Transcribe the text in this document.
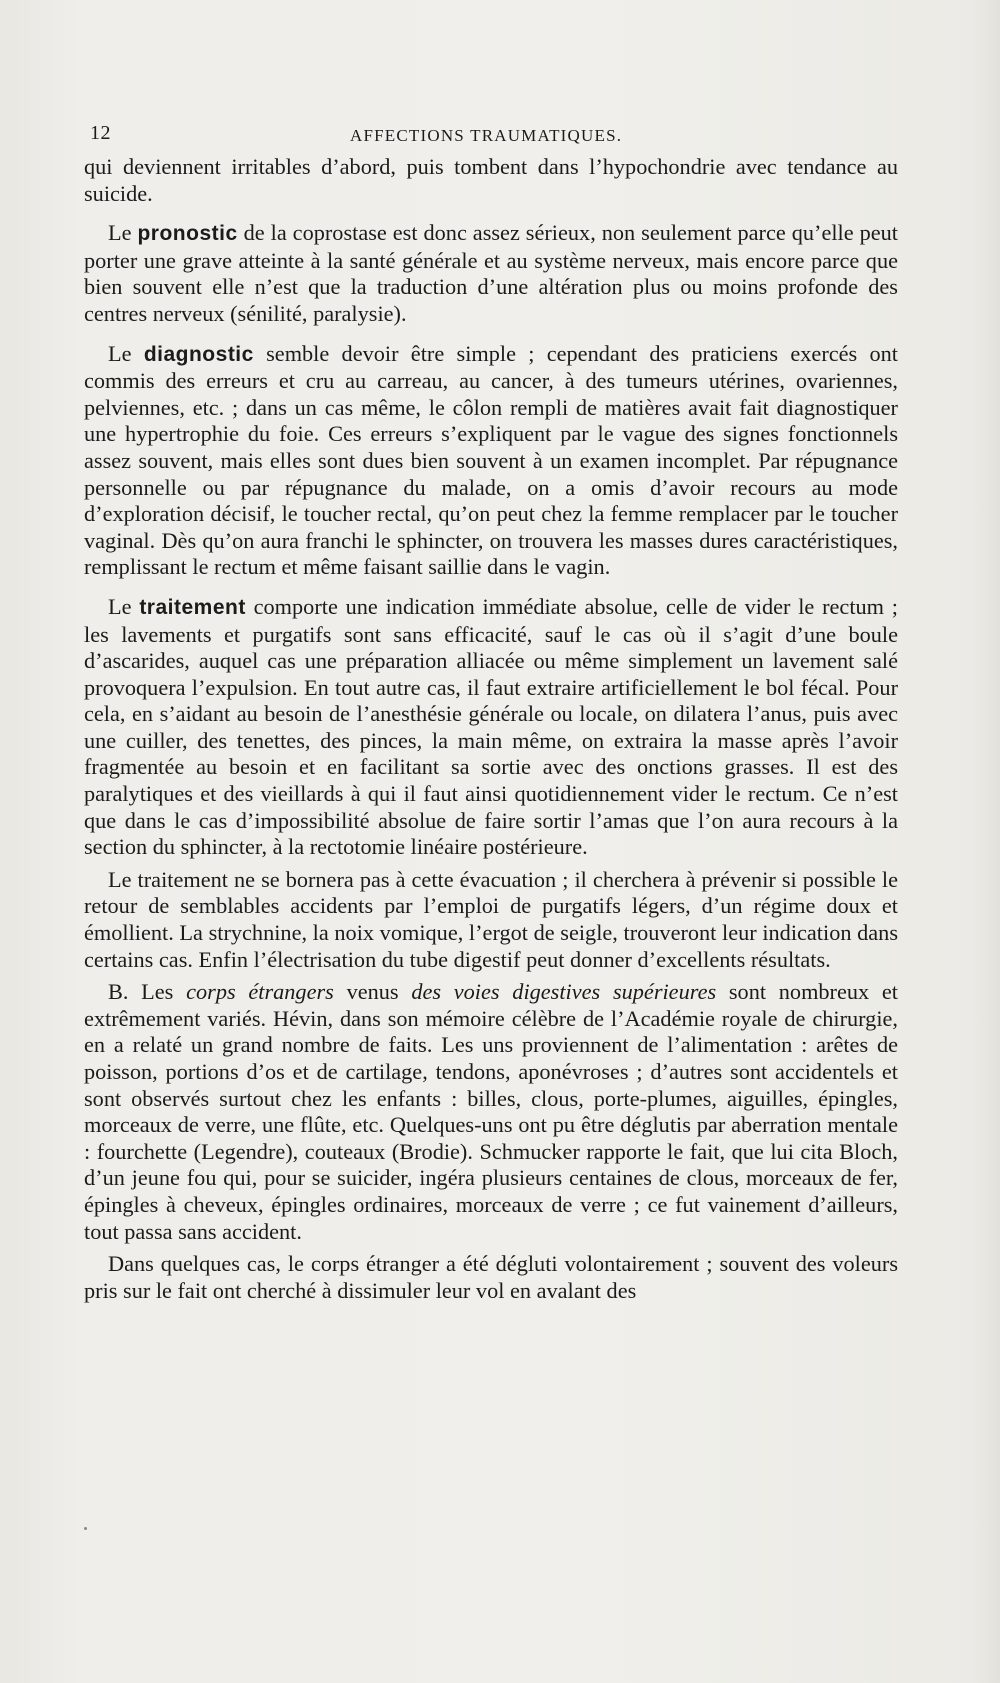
12	AFFECTIONS TRAUMATIQUES.

qui deviennent irritables d’abord, puis tombent dans l’hypochondrie avec tendance au suicide.

Le pronostic de la coprostase est donc assez sérieux, non seulement parce qu’elle peut porter une grave atteinte à la santé générale et au système nerveux, mais encore parce que bien souvent elle n’est que la traduction d’une altération plus ou moins profonde des centres nerveux (sénilité, paralysie).

Le diagnostic semble devoir être simple ; cependant des praticiens exercés ont commis des erreurs et cru au carreau, au cancer, à des tumeurs utérines, ovariennes, pelviennes, etc. ; dans un cas même, le côlon rempli de matières avait fait diagnostiquer une hypertrophie du foie. Ces erreurs s’expliquent par le vague des signes fonctionnels assez souvent, mais elles sont dues bien souvent à un examen incomplet. Par répugnance personnelle ou par répugnance du malade, on a omis d’avoir recours au mode d’exploration décisif, le toucher rectal, qu’on peut chez la femme remplacer par le toucher vaginal. Dès qu’on aura franchi le sphincter, on trouvera les masses dures caractéristiques, remplissant le rectum et même faisant saillie dans le vagin.

Le traitement comporte une indication immédiate absolue, celle de vider le rectum ; les lavements et purgatifs sont sans efficacité, sauf le cas où il s’agit d’une boule d’ascarides, auquel cas une préparation alliacée ou même simplement un lavement salé provoquera l’expulsion. En tout autre cas, il faut extraire artificiellement le bol fécal. Pour cela, en s’aidant au besoin de l’anesthésie générale ou locale, on dilatera l’anus, puis avec une cuiller, des tenettes, des pinces, la main même, on extraira la masse après l’avoir fragmentée au besoin et en facilitant sa sortie avec des onctions grasses. Il est des paralytiques et des vieillards à qui il faut ainsi quotidiennement vider le rectum. Ce n’est que dans le cas d’impossibilité absolue de faire sortir l’amas que l’on aura recours à la section du sphincter, à la rectotomie linéaire postérieure.

Le traitement ne se bornera pas à cette évacuation ; il cherchera à prévenir si possible le retour de semblables accidents par l’emploi de purgatifs légers, d’un régime doux et émollient. La strychnine, la noix vomique, l’ergot de seigle, trouveront leur indication dans certains cas. Enfin l’électrisation du tube digestif peut donner d’excellents résultats.

B. Les corps étrangers venus des voies digestives supérieures sont nombreux et extrêmement variés. Hévin, dans son mémoire célèbre de l’Académie royale de chirurgie, en a relaté un grand nombre de faits. Les uns proviennent de l’alimentation : arêtes de poisson, portions d’os et de cartilage, tendons, aponévroses ; d’autres sont accidentels et sont observés surtout chez les enfants : billes, clous, porte-plumes, aiguilles, épingles, morceaux de verre, une flûte, etc. Quelques-uns ont pu être déglutis par aberration mentale : fourchette (Legendre), couteaux (Brodie). Schmucker rapporte le fait, que lui cita Bloch, d’un jeune fou qui, pour se suicider, ingéra plusieurs centaines de clous, morceaux de fer, épingles à cheveux, épingles ordinaires, morceaux de verre ; ce fut vainement d’ailleurs, tout passa sans accident.

Dans quelques cas, le corps étranger a été dégluti volontairement ; souvent des voleurs pris sur le fait ont cherché à dissimuler leur vol en avalant des
